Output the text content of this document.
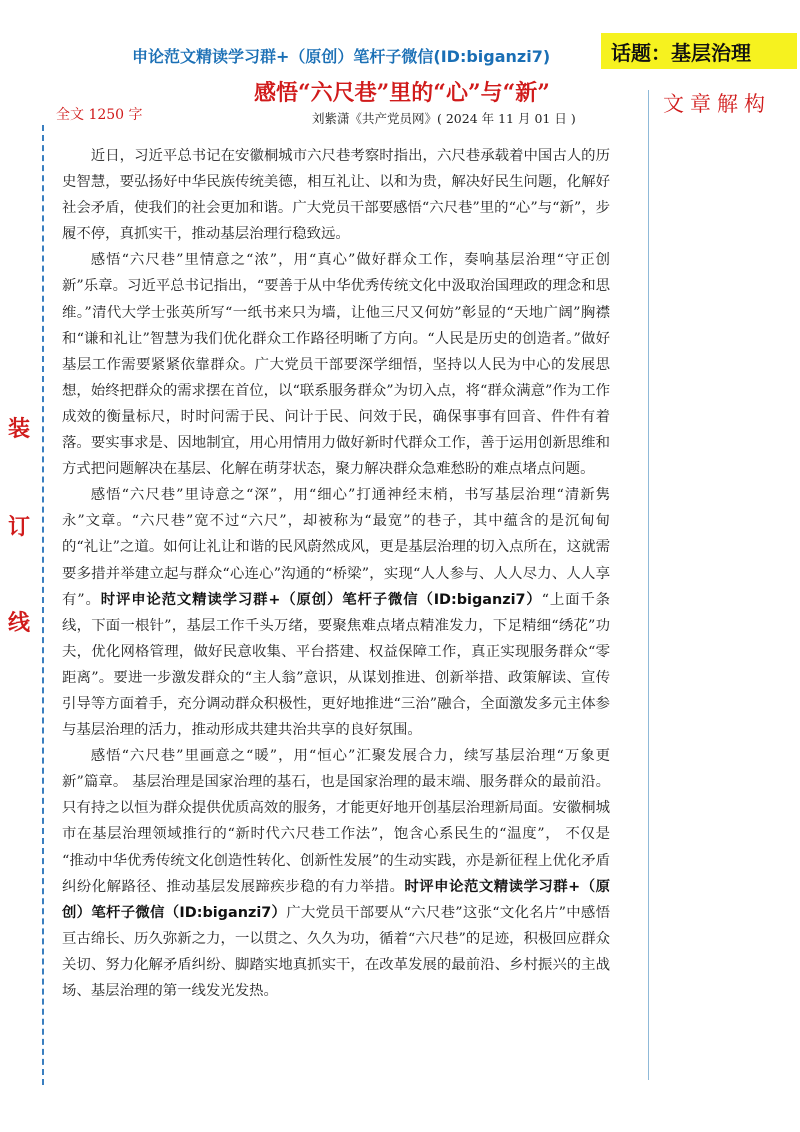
申论范文精读学习群+（原创）笔杆子微信(ID:biganzi7)	话题：基层治理
感悟“六尺巷”里的“心”与“新”
刘紫潇《共产党员网》( 2024 年 11 月 01 日 )
全文 1250 字	文章解构
装
订
线

近日，习近平总书记在安徽桐城市六尺巷考察时指出，六尺巷承载着中国古人的历史智慧，要弘扬好中华民族传统美德，相互礼让、以和为贵，解决好民生问题，化解好社会矛盾，使我们的社会更加和谐。广大党员干部要感悟“六尺巷”里的“心”与“新”，步履不停，真抓实干，推动基层治理行稳致远。

感悟“六尺巷”里情意之“浓”，用“真心”做好群众工作，奏响基层治理“守正创新”乐章。习近平总书记指出，“要善于从中华优秀传统文化中汲取治国理政的理念和思维。”清代大学士张英所写“一纸书来只为墙，让他三尺又何妨”彰显的“天地广阔”胸襟和“谦和礼让”智慧为我们优化群众工作路径明晰了方向。“人民是历史的创造者。”做好基层工作需要紧紧依靠群众。广大党员干部要深学细悟，坚持以人民为中心的发展思想，始终把群众的需求摆在首位，以“联系服务群众”为切入点，将“群众满意”作为工作成效的衡量标尺，时时问需于民、问计于民、问效于民，确保事事有回音、件件有着落。要实事求是、因地制宜，用心用情用力做好新时代群众工作，善于运用创新思维和方式把问题解决在基层、化解在萌芽状态，聚力解决群众急难愁盼的难点堵点问题。

感悟“六尺巷”里诗意之“深”，用“细心”打通神经末梢，书写基层治理“清新隽永”文章。“六尺巷”宽不过“六尺”，却被称为“最宽”的巷子，其中蕴含的是沉甸甸的“礼让”之道。如何让礼让和谐的民风蔚然成风，更是基层治理的切入点所在，这就需要多措并举建立起与群众“心连心”沟通的“桥梁”，实现“人人参与、人人尽力、人人享有”。时评申论范文精读学习群+（原创）笔杆子微信（ID:biganzi7）“上面千条线，下面一根针”，基层工作千头万绪，要聚焦难点堵点精准发力，下足精细“绣花”功夫，优化网格管理，做好民意收集、平台搭建、权益保障工作，真正实现服务群众“零距离”。要进一步激发群众的“主人翁”意识，从谋划推进、创新举措、政策解读、宣传引导等方面着手，充分调动群众积极性，更好地推进“三治”融合，全面激发多元主体参与基层治理的活力，推动形成共建共治共享的良好氛围。

感悟“六尺巷”里画意之“暖”，用“恒心”汇聚发展合力，续写基层治理“万象更新”篇章。 基层治理是国家治理的基石，也是国家治理的最末端、服务群众的最前沿。只有持之以恒为群众提供优质高效的服务，才能更好地开创基层治理新局面。安徽桐城市在基层治理领域推行的“新时代六尺巷工作法”，饱含心系民生的“温度”， 不仅是 “推动中华优秀传统文化创造性转化、创新性发展”的生动实践，亦是新征程上优化矛盾纠纷化解路径、推动基层发展蹄疾步稳的有力举措。时评申论范文精读学习群+（原创）笔杆子微信（ID:biganzi7）广大党员干部要从“六尺巷”这张“文化名片”中感悟亘古绵长、历久弥新之力，一以贯之、久久为功，循着“六尺巷”的足迹，积极回应群众关切、努力化解矛盾纠纷、脚踏实地真抓实干，在改革发展的最前沿、乡村振兴的主战场、基层治理的第一线发光发热。
